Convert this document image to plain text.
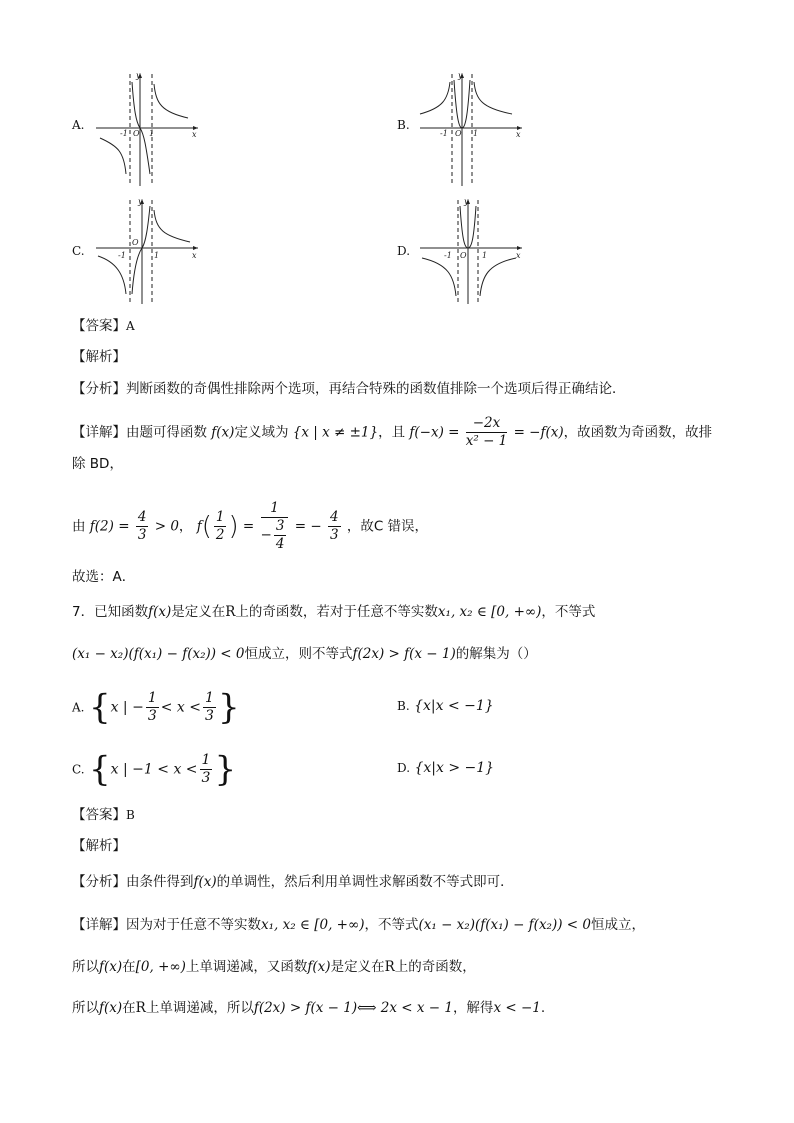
A.
y
x
O
-1	1
B.
y
x
O
-1	1
C.
y
x
O
-1	1	D.
y
x
O
-1	1
【答案】A
【解析】
【分析】判断函数的奇偶性排除两个选项，再结合特殊的函数值排除一个选项后得正确结论．
【详解】由题可得函数 f(x)定义域为 {x | x ≠ ±1}，且 $f(-x) = \frac{-2x}{\text{x² − 1}} = -f(x)$，故函数为奇函数，故排
除 BD，
由 $f(2) = \frac{4}{3} > 0$， $f( \frac{1}{2}$ ) = $\frac{1}{- \frac{3}{4}}$ = − $\frac{4}{3}$ ，故C 错误，
故选：A．
7．已知函数f(x)是定义在R上的奇函数，若对于任意不等实数x₁, x₂ ∈ [0, +∞)，不等式
(x₁ − x₂)(f(x₁) − f(x₂)) < 0恒成立，则不等式f(2x) > f(x − 1)的解集为（）
A. {x | − $\frac{1}{3} < x < \frac{1}{3}$ }	B. {x|x < −1}
C. {x | $-1 < x < \frac{1}{3}$ }	D. {x|x > −1}
【答案】B
【解析】
【分析】由条件得到f(x)的单调性，然后利用单调性求解函数不等式即可．
【详解】因为对于任意不等实数x₁, x₂ ∈ [0, +∞)，不等式(x₁ − x₂)(f(x₁) − f(x₂)) < 0恒成立，
所以f(x)在[0, +∞)上单调递减，又函数f(x)是定义在R上的奇函数，
所以f(x)在R上单调递减，所以f(2x) > f(x − 1)⟺ 2x < x − 1，解得x < −1.
